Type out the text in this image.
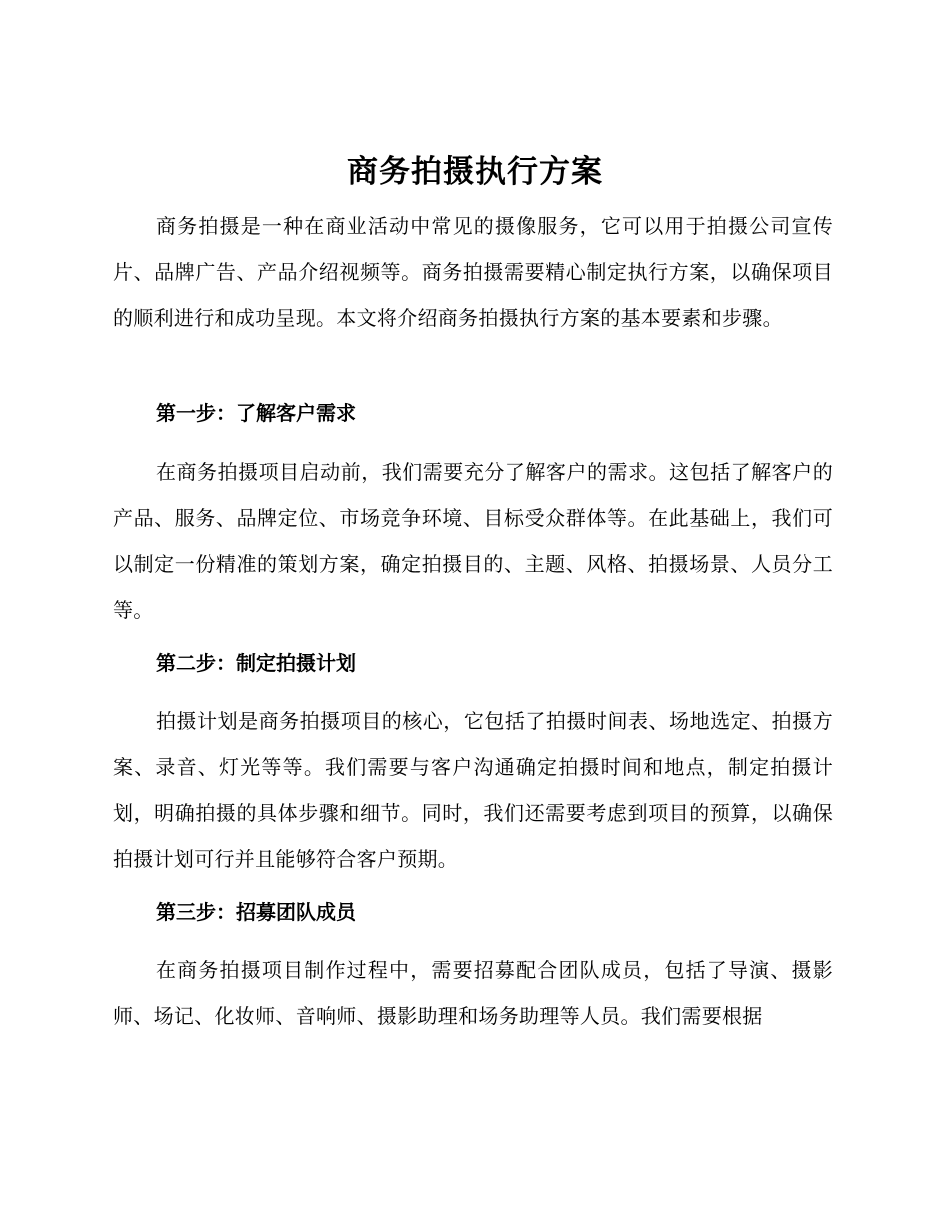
商务拍摄执行方案

商务拍摄是一种在商业活动中常见的摄像服务，它可以用于拍摄公司宣传片、品牌广告、产品介绍视频等。商务拍摄需要精心制定执行方案，以确保项目的顺利进行和成功呈现。本文将介绍商务拍摄执行方案的基本要素和步骤。

第一步：了解客户需求

在商务拍摄项目启动前，我们需要充分了解客户的需求。这包括了解客户的产品、服务、品牌定位、市场竞争环境、目标受众群体等。在此基础上，我们可以制定一份精准的策划方案，确定拍摄目的、主题、风格、拍摄场景、人员分工等。

第二步：制定拍摄计划

拍摄计划是商务拍摄项目的核心，它包括了拍摄时间表、场地选定、拍摄方案、录音、灯光等等。我们需要与客户沟通确定拍摄时间和地点，制定拍摄计划，明确拍摄的具体步骤和细节。同时，我们还需要考虑到项目的预算，以确保拍摄计划可行并且能够符合客户预期。

第三步：招募团队成员

在商务拍摄项目制作过程中，需要招募配合团队成员，包括了导演、摄影师、场记、化妆师、音响师、摄影助理和场务助理等人员。我们需要根据
